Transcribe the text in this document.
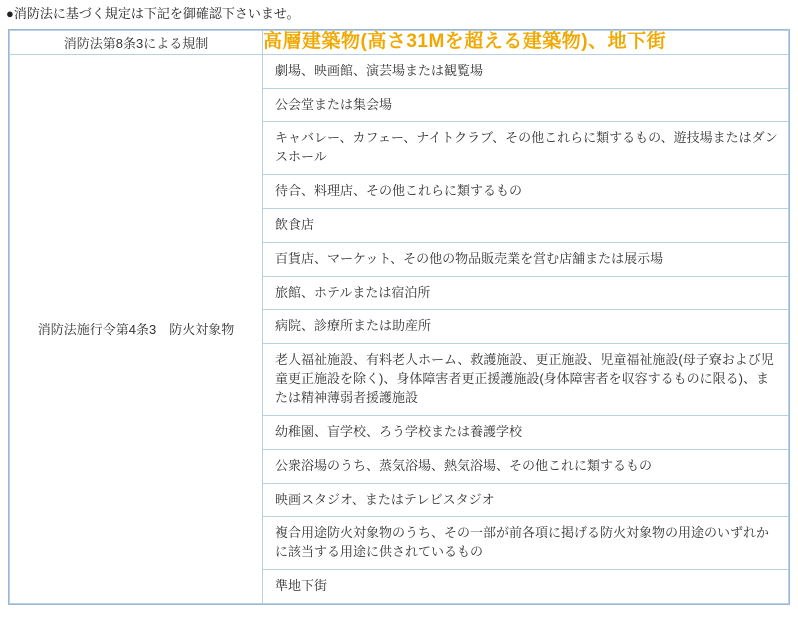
●消防法に基づく規定は下記を御確認下さいませ。
消防法第8条3による規制	高層建築物(高さ31Mを超える建築物)、地下街

消防法施行令第4条3　防火対象物	
劇場、映画館、演芸場または観覧場
公会堂または集会場
キャバレー、カフェー、ナイトクラブ、その他これらに類するもの、遊技場またはダンスホール
待合、料理店、その他これらに類するもの
飲食店
百貨店、マーケット、その他の物品販売業を営む店舗または展示場
旅館、ホテルまたは宿泊所
病院、診療所または助産所
老人福祉施設、有料老人ホーム、救護施設、更正施設、児童福祉施設(母子寮および児童更正施設を除く)、身体障害者更正援護施設(身体障害者を収容するものに限る)、または精神薄弱者援護施設
幼稚園、盲学校、ろう学校または養護学校
公衆浴場のうち、蒸気浴場、熱気浴場、その他これに類するもの
映画スタジオ、またはテレビスタジオ
複合用途防火対象物のうち、その一部が前各項に掲げる防火対象物の用途のいずれかに該当する用途に供されているもの
準地下街
